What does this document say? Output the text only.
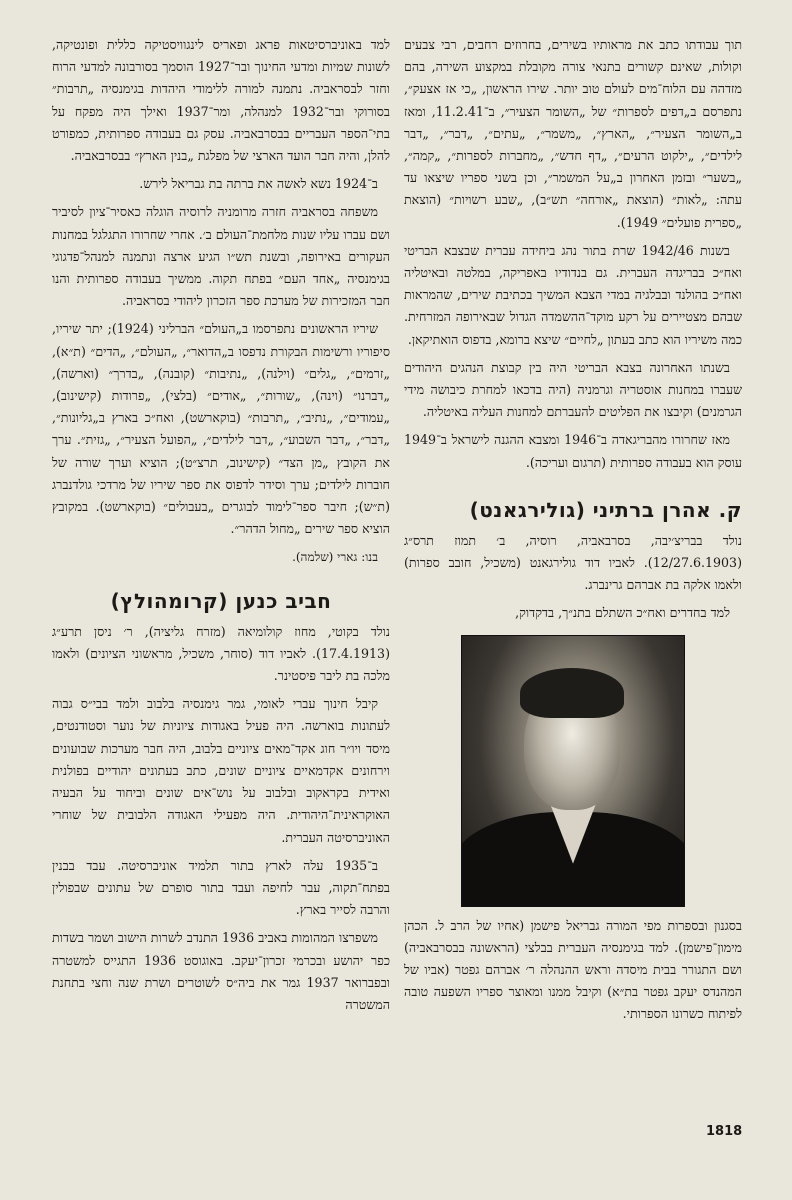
תוך עבודתו כתב את מראותיו בשירים, בחרוזים רחבים, רבי צבעים וקולות, שאינם קשורים בתנאי צורה מקובלת במקצוע השירה, בהם מזדהה עם הלוח־מים לעולם טוב יותר. שירו הראשון, „כי אז אצעק״, נתפרסם ב„דפים לספרות״ של „השומר הצעיר״, ב־11.2.41, ומאז ב„השומר הצעיר״, „הארץ״, „משמר״, „עתים״, „דבר״, „דבר לילדים״, „ילקוט הרעים״, „דף חדש״, „מחברות לספרות״, „קמה״, „בשער״ ובזמן האחרון ב„על המשמר״, וכן בשני ספריו שיצאו עד עתה: „לאות״ (הוצאת „אורחה״ תש״ב), „שבע רשויות״ (הוצאת „ספרית פועלים״ 1949).

בשנות 1942/46 שרת בתור נהג ביחידה עברית שבצבא הבריטי ואח״כ בבריגדה העברית. גם בנדודיו באפריקה, במלטה ובאיטליה ואח״כ בהולנד ובבלגיה במדי הצבא המשיך בכתיבת שירים, שהמראות שבהם מצטיירים על רקע מוקד־ההשמדה הגדול שבאירופה המזרחית. כמה משיריו הוא כתב בעתון „לחיים״ שיצא ברומא, בדפוס הואתיקאן.

בשנתו האחרונה בצבא הבריטי היה בין קבוצת הנהגים היהודים שעברו במחנות אוסטריה וגרמניה (היה בדכאו למחרת כיבושה מידי הגרמנים) וקיבצו את הפליטים להעברתם למחנות העליה באיטליה.

מאז שחרורו מהבריגאדה ב־1946 ומצבא ההגנה לישראל ב־1949 עוסק הוא בעבודה ספרותית (תרגום ועריכה).

ק. אהרן ברתיני (גולירגאנט)

נולד בבריצ׳יבה, בסרבאביה, רוסיה, ב׳ תמוז תרס״ג (12/27.6.1903). לאביו דוד גולירגאנט (משכיל, חובב ספרות) ולאמו אלקה בת אברהם גרינברג.

למד בחדרים ואח״כ השתלם בתנ״ך, בדקדוק,

בסגנון ובספרות מפי המורה גבריאל פישמן (אחיו של הרב ל. הכהן מימון־פישמן). למד בגימנסיה העברית בבלצי (הראשונה בבסרבאביה) ושם התגורר בבית מיסדה וראש ההנהלה ר׳ אברהם גפטר (אביו של המהנדס יעקב גפטר בת״א) וקיבל ממנו ומאוצר ספריו השפעה טובה לפיתוח כשרונו הספרותי.

למד באוניברסיטאות פראג ופאריס לינגוויסטיקה כללית ופונטיקה, לשונות שמיות ומדעי החינוך ובר־1927 הוסמך בסורבונה למדעי הרוח וחזר לבסראביה. נתמנה למורה ללימודי היהדות בגימנסיה „תרבות״ בסורוקי ובר־1932 למנהלה, ומר־1937 ואילך היה מפקח על בתי־הספר העבריים בבסרבאביה. עסק גם בעבודה ספרותית, כמפורט להלן, והיה חבר הועד הארצי של מפלגת „בנין הארץ״ בבסרבאביה.

ב־1924 נשא לאשה את ברתה בת גבריאל לירש.

משפחה בסראביה חזרה מרומניה לרוסיה הוגלה כאסיר־ציון לסיביר ושם עברו עליו שנות מלחמת־העולם ב׳. אחרי שחרורו התגלגל במחנות העקורים באירופה, ובשנת תש״ו הגיע ארצה ונתמנה למנהל־פדגוגי בגימנסיה „אחד העם״ בפתח תקוה. ממשיך בעבודה ספרותית והנו חבר המזכירות של מערכת ספר הזכרון ליהודי בסראביה.

שיריו הראשונים נתפרסמו ב„העולם״ הברליני (1924); יתר שיריו, סיפוריו ורשימות הבקורת נדפסו ב„הדואר״, „העולם״, „הדים״ (ת״א), „זרמים״, „גלים״ (וילנה), „נתיבות״ (קובנה), „בדרך״ (וארשה), „דברנו״ (וינה), „שורות״, „אודים״ (בלצי), „פרודות (קישינוב), „עמודים״, „נתיב״, „תרבות״ (בוקארשט), ואח״כ בארץ ב„גליונות״, „דבר״, „דבר השבוע״, „דבר לילדים״, „הפועל הצעיר״, „גזית״. ערך את הקובץ „מן הצד״ (קישינוב, תרצ״ט); הוציא וערך שורה של חוברות לילדים; ערך וסידר לדפוס את ספר שיריו של מרדכי גולדנברג (ת״ש); חיבר ספר־לימוד לבוגרים „בעבולים״ (בוקארשט). במקובץ הוציא ספר שירים „מחול הדהר״.

בנו: גארי (שלמה).

חביב כנען (קרומהולץ)

נולד בקוטי, מחוז קולומיאה (מזרח גליציה), ר׳ ניסן תרע״ג (17.4.1913). לאביו דוד (סוחר, משכיל, מראשוני הציונים) ולאמו מלכה בת ליבר פיסטינר.

קיבל חינוך עברי לאומי, גמר גימנסיה בלבוב ולמד בבי״ס גבוה לעתונות בוארשה. היה פעיל באגודות ציוניות של נוער וסטודנטים, מיסד ויו״ר חוג אקד־מאים ציוניים בלבוב, היה חבר מערכות שבועונים וירחונים אקדמאיים ציוניים שונים, כתב בעתונים יהודיים בפולנית ואידית בקראקוב ובלבוב על נוש־אים שונים וביחוד על הבעיה האוקראינית־היהודית. היה מפעילי האגודה הלבובית של שוחרי האוניברסיטה העברית.

ב־1935 עלה לארץ בתור תלמיד אוניברסיטה. עבד בבנין בפתח־תקוה, עבר לחיפה ועבד בתור סופרם של עתונים שבפולין והרבה לסייר בארץ.

משפרצו המהומות באביב 1936 התנדב לשרות הישוב ושמר בשדות כפר יהושע ובכרמי זכרון־יעקב. באוגוסט 1936 התגייס למשטרה ובפברואר 1937 גמר את ביה״ס לשוטרים ושרת שנה וחצי בתחנת המשטרה

1818
